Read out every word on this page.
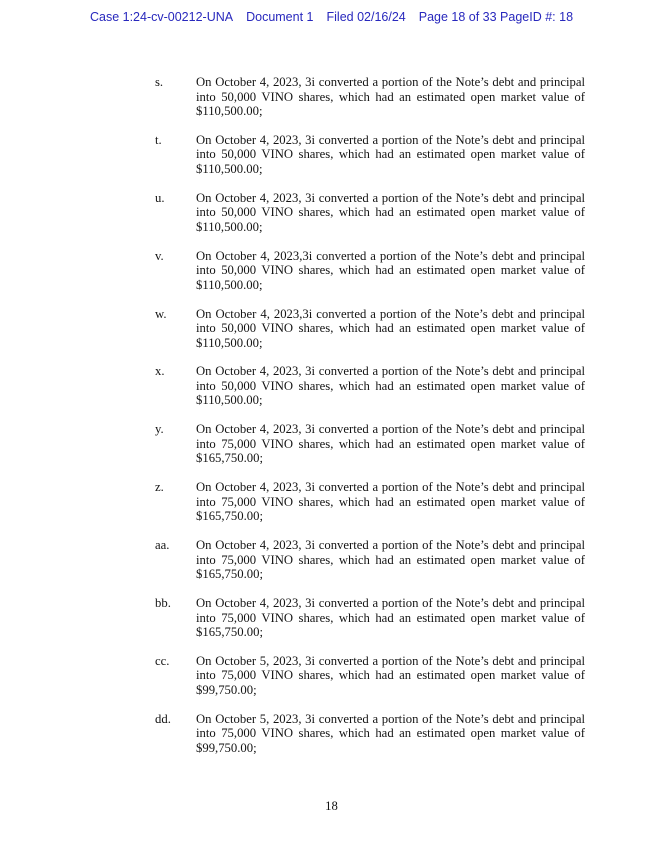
Case 1:24-cv-00212-UNA Document 1 Filed 02/16/24 Page 18 of 33 PageID #: 18
s.	On October 4, 2023, 3i converted a portion of the Note’s debt and principal
into 50,000 VINO shares, which had an estimated open market value of
$110,500.00;
t.	On October 4, 2023, 3i converted a portion of the Note’s debt and principal
into 50,000 VINO shares, which had an estimated open market value of
$110,500.00;
u.	On October 4, 2023, 3i converted a portion of the Note’s debt and principal
into 50,000 VINO shares, which had an estimated open market value of
$110,500.00;
v.	On October 4, 2023,3i converted a portion of the Note’s debt and principal
into 50,000 VINO shares, which had an estimated open market value of
$110,500.00;
w.	On October 4, 2023,3i converted a portion of the Note’s debt and principal
into 50,000 VINO shares, which had an estimated open market value of
$110,500.00;
x.	On October 4, 2023, 3i converted a portion of the Note’s debt and principal
into 50,000 VINO shares, which had an estimated open market value of
$110,500.00;
y.	On October 4, 2023, 3i converted a portion of the Note’s debt and principal
into 75,000 VINO shares, which had an estimated open market value of
$165,750.00;
z.	On October 4, 2023, 3i converted a portion of the Note’s debt and principal
into 75,000 VINO shares, which had an estimated open market value of
$165,750.00;
aa.	On October 4, 2023, 3i converted a portion of the Note’s debt and principal
into 75,000 VINO shares, which had an estimated open market value of
$165,750.00;
bb.	On October 4, 2023, 3i converted a portion of the Note’s debt and principal
into 75,000 VINO shares, which had an estimated open market value of
$165,750.00;
cc.	On October 5, 2023, 3i converted a portion of the Note’s debt and principal
into 75,000 VINO shares, which had an estimated open market value of
$99,750.00;
dd.	On October 5, 2023, 3i converted a portion of the Note’s debt and principal
into 75,000 VINO shares, which had an estimated open market value of
$99,750.00;
18
